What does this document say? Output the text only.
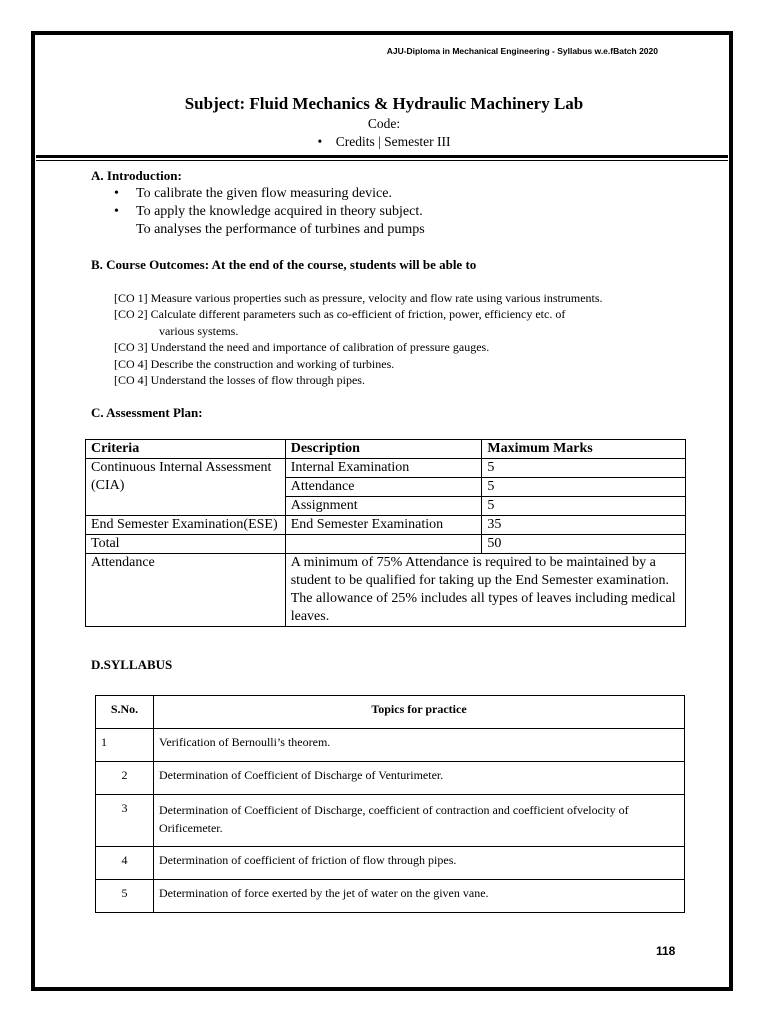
AJU-Diploma in Mechanical Engineering - Syllabus w.e.fBatch 2020
Subject: Fluid Mechanics & Hydraulic Machinery Lab
Code:
•    Credits | Semester III
A. Introduction:
• To calibrate the given flow measuring device.
• To apply the knowledge acquired in theory subject.
To analyses the performance of turbines and pumps
B. Course Outcomes: At the end of the course, students will be able to
[CO 1] Measure various properties such as pressure, velocity and flow rate using various instruments.
[CO 2] Calculate different parameters such as co-efficient of friction, power, efficiency etc. of
various systems.
[CO 3] Understand the need and importance of calibration of pressure gauges.
[CO 4] Describe the construction and working of turbines.
[CO 4] Understand the losses of flow through pipes.
C. Assessment Plan:
Criteria	Description	Maximum Marks
Continuous Internal Assessment (CIA)	Internal Examination	5
	Attendance	5
	Assignment	5
End Semester Examination(ESE)	End Semester Examination	35
Total		50
Attendance	A minimum of 75% Attendance is required to be maintained by a student to be qualified for taking up the End Semester examination. The allowance of 25% includes all types of leaves including medical leaves.	
D.SYLLABUS
S.No.	Topics for practice
1	Verification of Bernoulli’s theorem.
2	Determination of Coefficient of Discharge of Venturimeter.
3	Determination of Coefficient of Discharge, coefficient of contraction and coefficient ofvelocity of Orificemeter.
4	Determination of coefficient of friction of flow through pipes.
5	Determination of force exerted by the jet of water on the given vane.
118
